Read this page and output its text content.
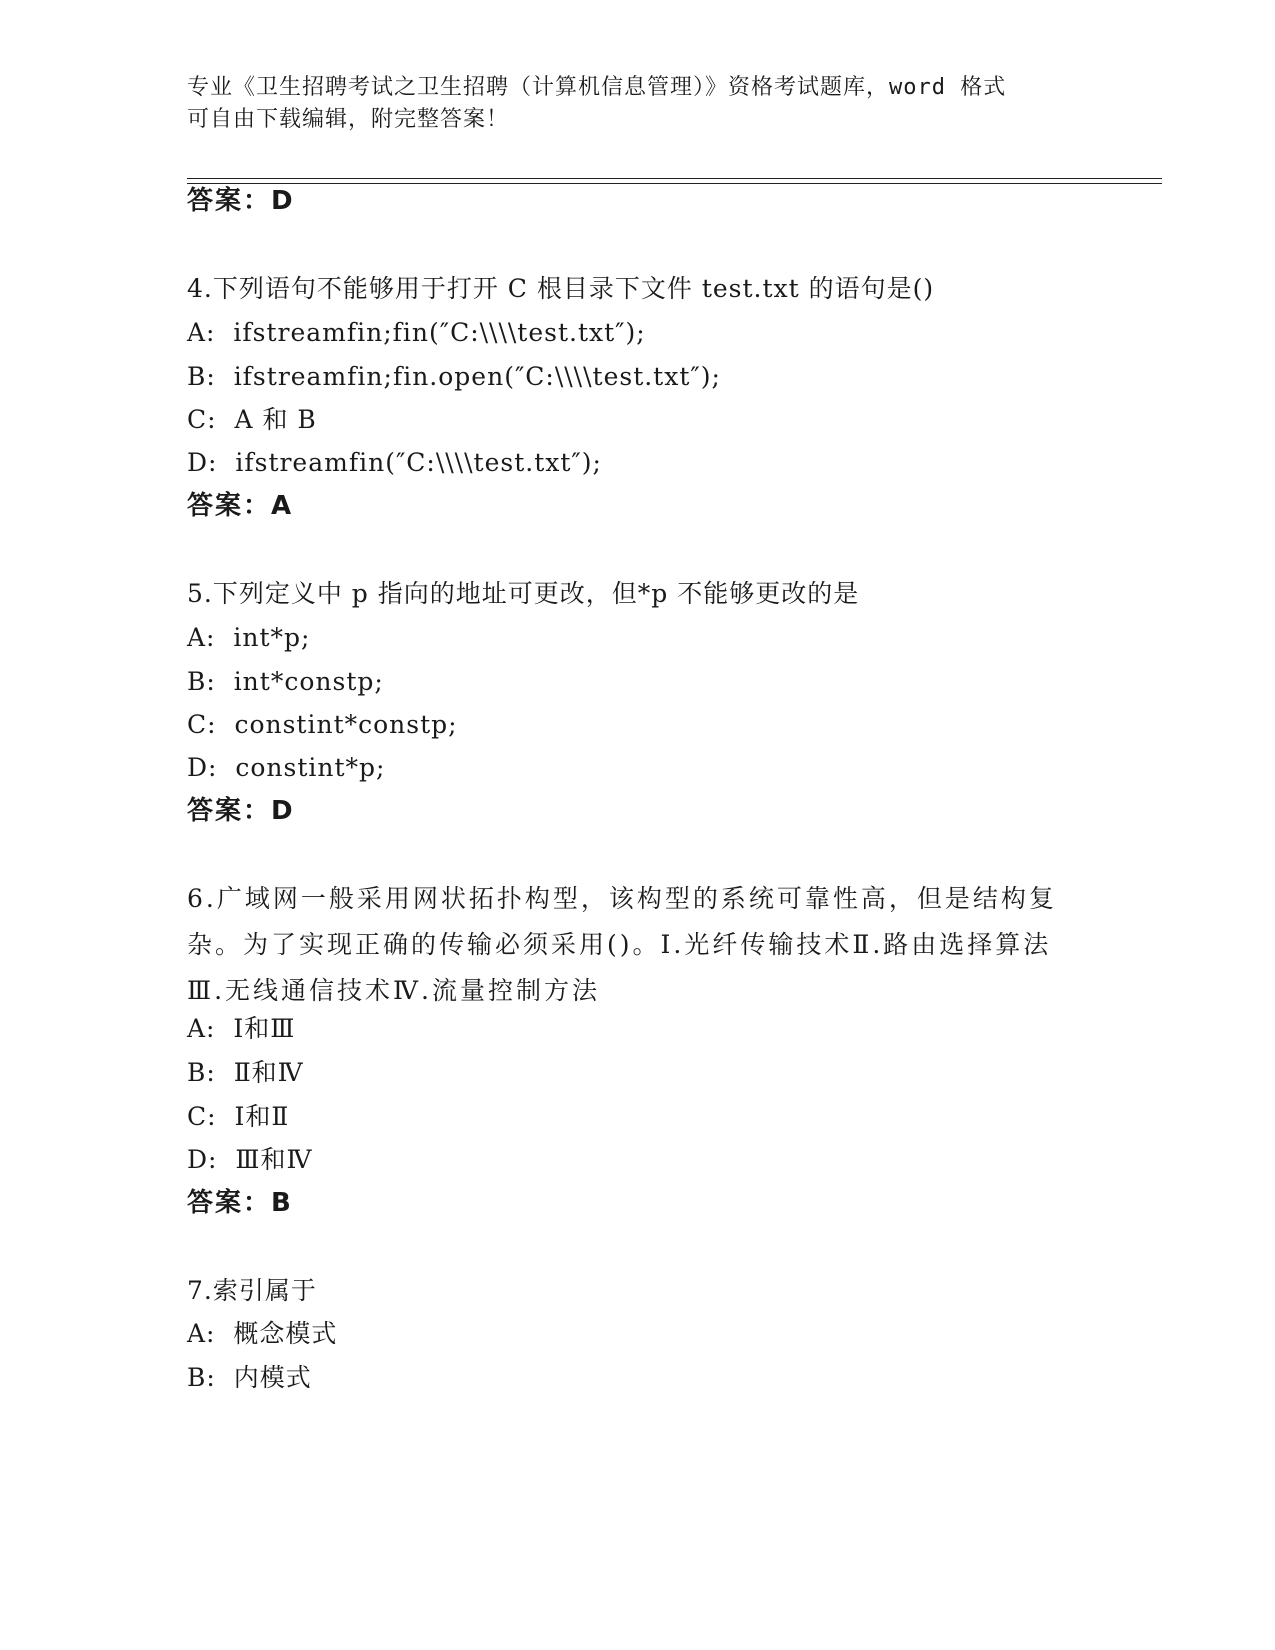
专业《卫生招聘考试之卫生招聘（计算机信息管理）》资格考试题库，word 格式
可自由下载编辑，附完整答案！
答案：D
4.下列语句不能够用于打开 C 根目录下文件 test.txt 的语句是()
A:  ifstreamfin;fin(″C:\\\\test.txt″);
B:  ifstreamfin;fin.open(″C:\\\\test.txt″);
C:  A 和 B
D:  ifstreamfin(″C:\\\\test.txt″);
答案：A
5.下列定义中 p 指向的地址可更改，但*p 不能够更改的是
A:  int*p;
B:  int*constp;
C:  constint*constp;
D:  constint*p;
答案：D
6.广域网一般采用网状拓扑构型，该构型的系统可靠性高，但是结构复杂。为了实现正确的传输必须采用()。Ⅰ.光纤传输技术Ⅱ.路由选择算法Ⅲ.无线通信技术Ⅳ.流量控制方法
A:  Ⅰ和Ⅲ
B:  Ⅱ和Ⅳ
C:  Ⅰ和Ⅱ
D:  Ⅲ和Ⅳ
答案：B
7.索引属于
A:  概念模式
B:  内模式
